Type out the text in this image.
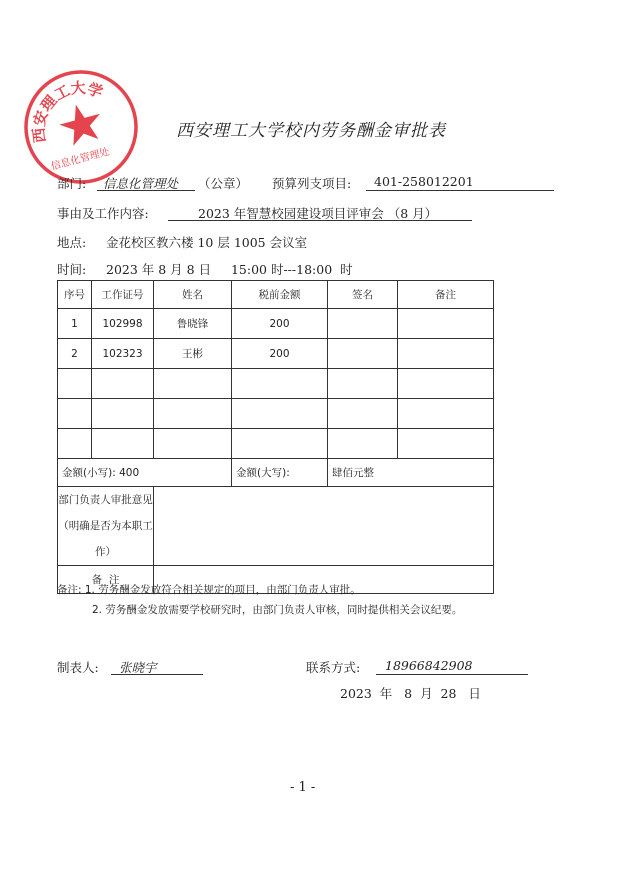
西安理工大学
信息化管理处
西安理工大学校内劳务酬金审批表
部门: 信息化管理处 （公章） 预算列支项目: 401-258012201
事由及工作内容:	2023 年智慧校园建设项目评审会 （8 月）
地点: 金花校区教六楼 10 层 1005 会议室
时间: 2023 年 8 月 8 日     15:00 时---18:00  时
序号	工作证号	姓名	税前金额	签名	备注
1	102998	鲁晓锋	200		
2	102323	王彬	200		

金额(小写): 400			金额(大写):	肆佰元整	

部门负责人审批意见
（明确是否为本职工作）					

备  注					
备注: 1. 劳务酬金发放符合相关规定的项目，由部门负责人审批。
2. 劳务酬金发放需要学校研究时，由部门负责人审核，同时提供相关会议纪要。
制表人: 张晓宇	联系方式: 18966842908
2023  年   8  月  28   日
- 1 -
